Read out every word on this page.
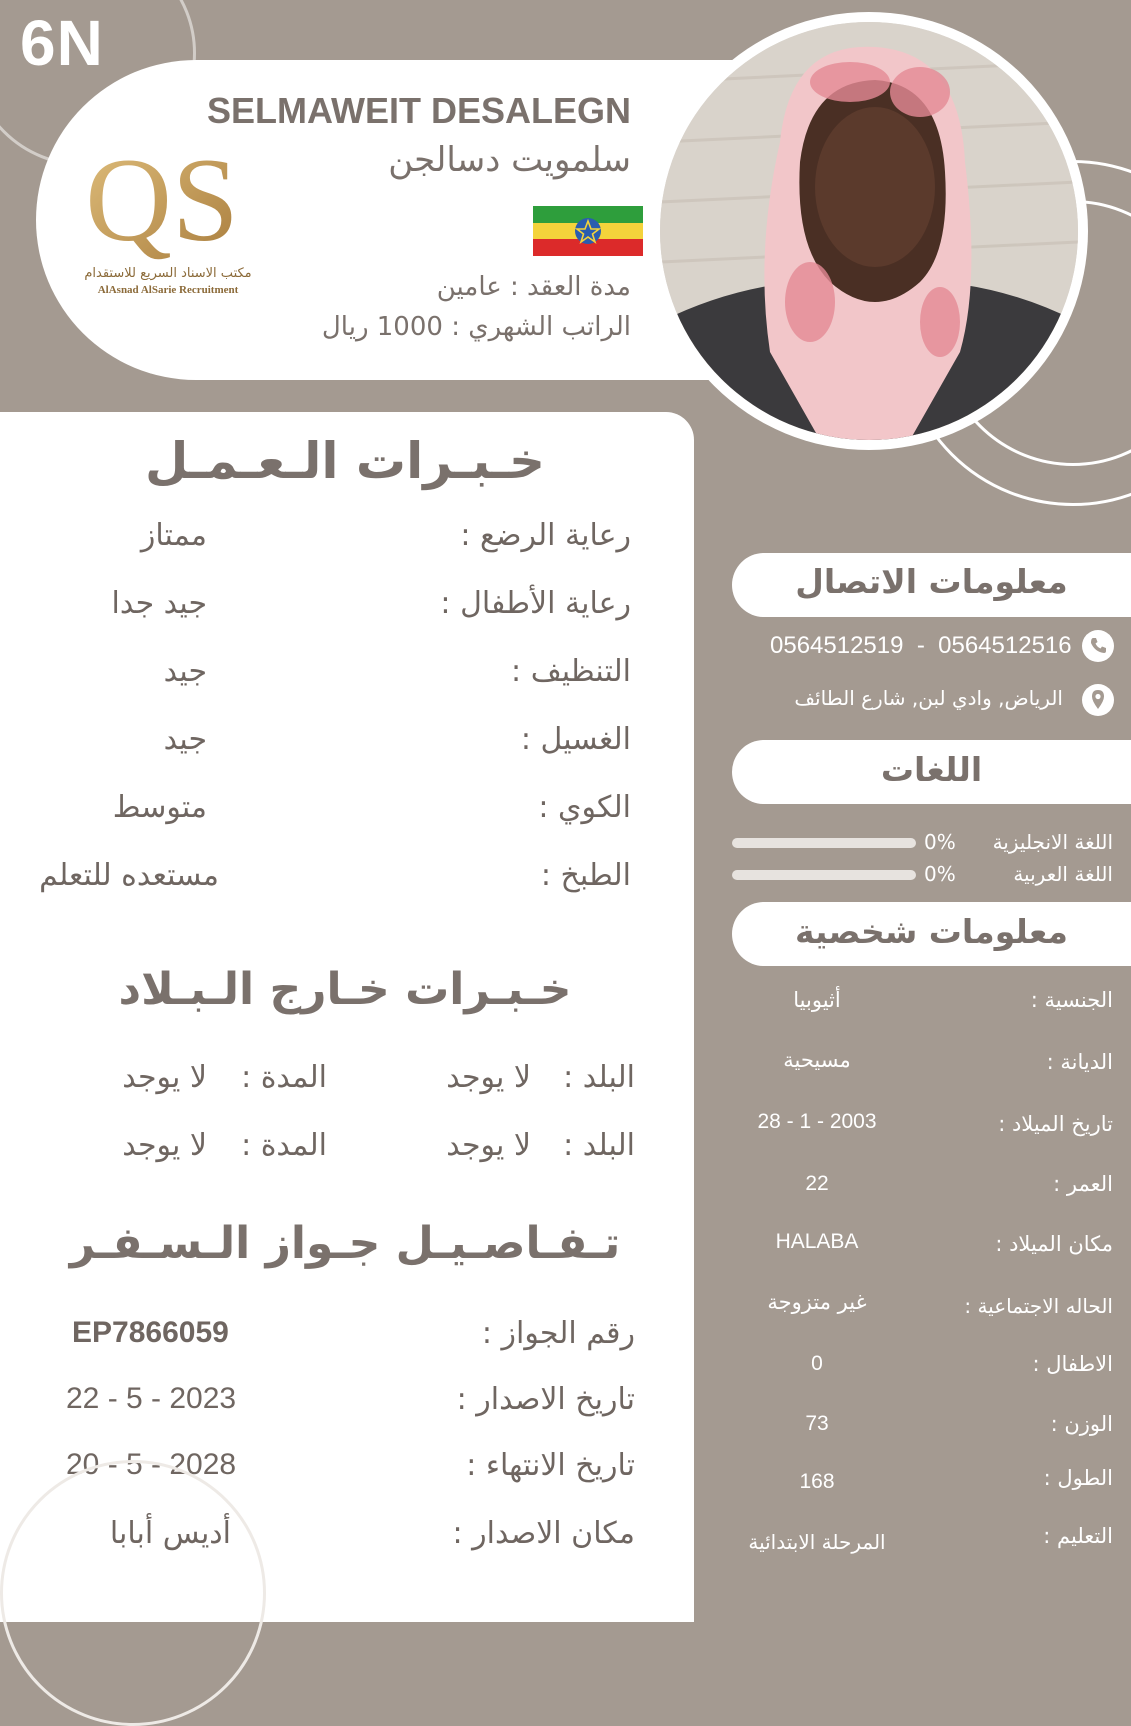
6N
QS
مكتب الاسناد السريع للاستقدام
AlAsnad AlSarie Recruitment
SELMAWEIT DESALEGN
سلمويت دسالجن
مدة العقد : عامين
الراتب الشهري : 1000 ريال
خـبـرات الـعـمـل
رعاية الرضع :
ممتاز
رعاية الأطفال :
جيد جدا
التنظيف :
جيد
الغسيل :
جيد
الكوي :
متوسط
الطبخ :
مستعده للتعلم
خـبـرات خـارج الـبـلاد
البلد :
لا يوجد
المدة :
لا يوجد
البلد :
لا يوجد
المدة :
لا يوجد
تـفـاصـيـل جـواز الـسـفـر
رقم الجواز :
EP7866059
تاريخ الاصدار :
22 - 5 - 2023
تاريخ الانتهاء :
20 - 5 - 2028
مكان الاصدار :
أديس أبابا
معلومات الاتصال
0564512519  -  0564512516
الرياض, وادي لبن, شارع الطائف
اللغات
اللغة الانجليزية
0%
اللغة العربية
0%
معلومات شخصية
الجنسية :
أثيوبيا
الديانة :
مسيحية
تاريخ الميلاد :
28 - 1 - 2003
العمر :
22
مكان الميلاد :
HALABA
الحاله الاجتماعية :
غير متزوجة
الاطفال :
0
الوزن :
73
الطول :
168
التعليم :
المرحلة الابتدائية
